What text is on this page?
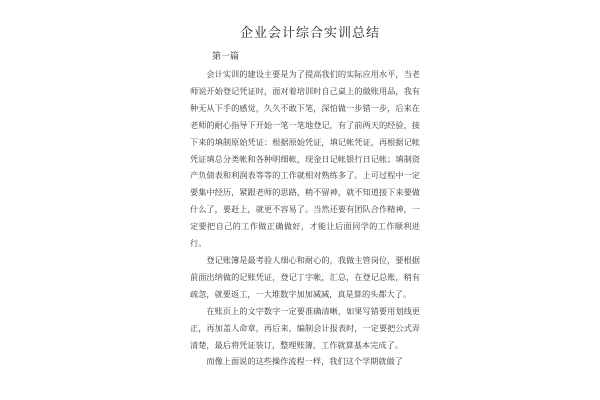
企业会计综合实训总结
第一篇

会计实训的建设主要是为了提高我们的实际应用水平，当老师说开始登记凭证时，面对着培训时自己桌上的做账用品，我有种无从下手的感觉，久久不敢下笔，深怕做一步错一步，后来在老师的耐心指导下开始一笔一笔地登记，有了前两天的经验，接下来的填制原始凭证：根据原始凭证，填记帐凭证，再根据记帐凭证填总分类帐和各种明细帐，现金日记帐银行日记帐；填制资产负债表和利润表等等的工作就相对熟练多了。上可过程中一定要集中经历，紧跟老师的思路，稍不留神，就不知道接下来要做什么了，要赶上，就更不容易了。当然还要有团队合作精神，一定要把自己的工作做正确做好，才能让后面同学的工作顺利进行。

登记账簿是最考验人细心和耐心的，我做主管岗位，要根据前面出纳做的记账凭证，登记丁字帐，汇总，在登记总账，稍有疏忽，就要返工，一大堆数字加加减减，真是算的头都大了。

在账页上的文字数字一定要准确清晰，如果写错要用划线更正，再加盖人命章，再后来，编制会计报表时，一定要把公式弄清楚，最后将凭证装订，整理账簿，工作就算基本完成了。

而像上面说的这些操作流程一样，我们这个学期就做了
